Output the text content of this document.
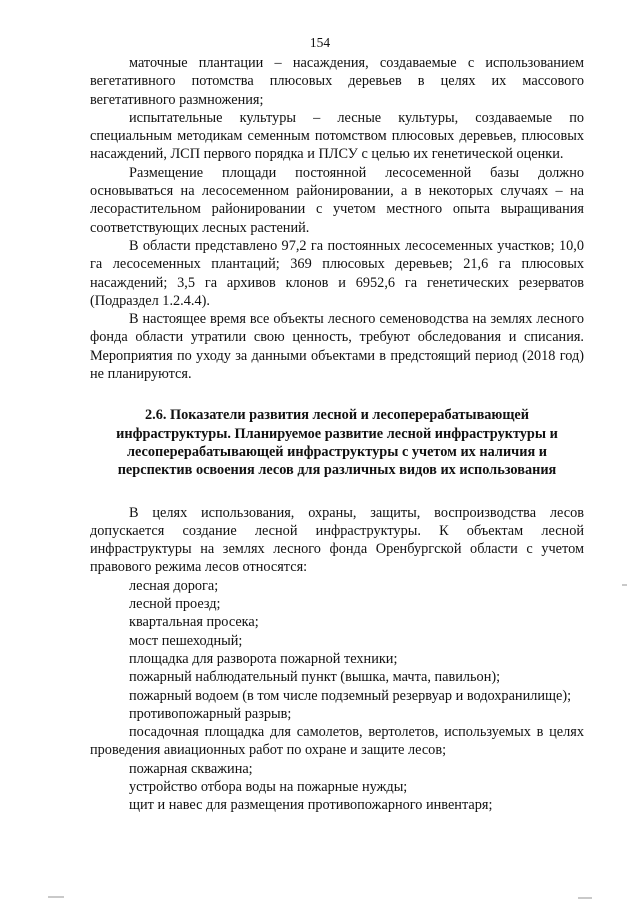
154

маточные плантации – насаждения, создаваемые с использованием вегетативного потомства плюсовых деревьев в целях их массового вегетативного размножения;

испытательные культуры – лесные культуры, создаваемые по специальным методикам семенным потомством плюсовых деревьев, плюсовых насаждений, ЛСП первого порядка и ПЛСУ с целью их генетической оценки.

Размещение площади постоянной лесосеменной базы должно основываться на лесосеменном районировании, а в некоторых случаях – на лесорастительном районировании с учетом местного опыта выращивания соответствующих лесных растений.

В области представлено 97,2 га постоянных лесосеменных участков; 10,0 га лесосеменных плантаций; 369 плюсовых деревьев; 21,6 га плюсовых насаждений; 3,5 га архивов клонов и 6952,6 га генетических резерватов (Подраздел 1.2.4.4).

В настоящее время все объекты лесного семеноводства на землях лесного фонда области утратили свою ценность, требуют обследования и списания. Мероприятия по уходу за данными объектами в предстоящий период (2018 год) не планируются.

2.6. Показатели развития лесной и лесоперерабатывающей инфраструктуры. Планируемое развитие лесной инфраструктуры и лесоперерабатывающей инфраструктуры с учетом их наличия и перспектив освоения лесов для различных видов их использования

В целях использования, охраны, защиты, воспроизводства лесов допускается создание лесной инфраструктуры. К объектам лесной инфраструктуры на землях лесного фонда Оренбургской области с учетом правового режима лесов относятся:

лесная дорога;

лесной проезд;

квартальная просека;

мост пешеходный;

площадка для разворота пожарной техники;

пожарный наблюдательный пункт (вышка, мачта, павильон);

пожарный водоем (в том числе подземный резервуар и водохранилище);

противопожарный разрыв;

посадочная площадка для самолетов, вертолетов, используемых в целях проведения авиационных работ по охране и защите лесов;

пожарная скважина;

устройство отбора воды на пожарные нужды;

щит и навес для размещения противопожарного инвентаря;
